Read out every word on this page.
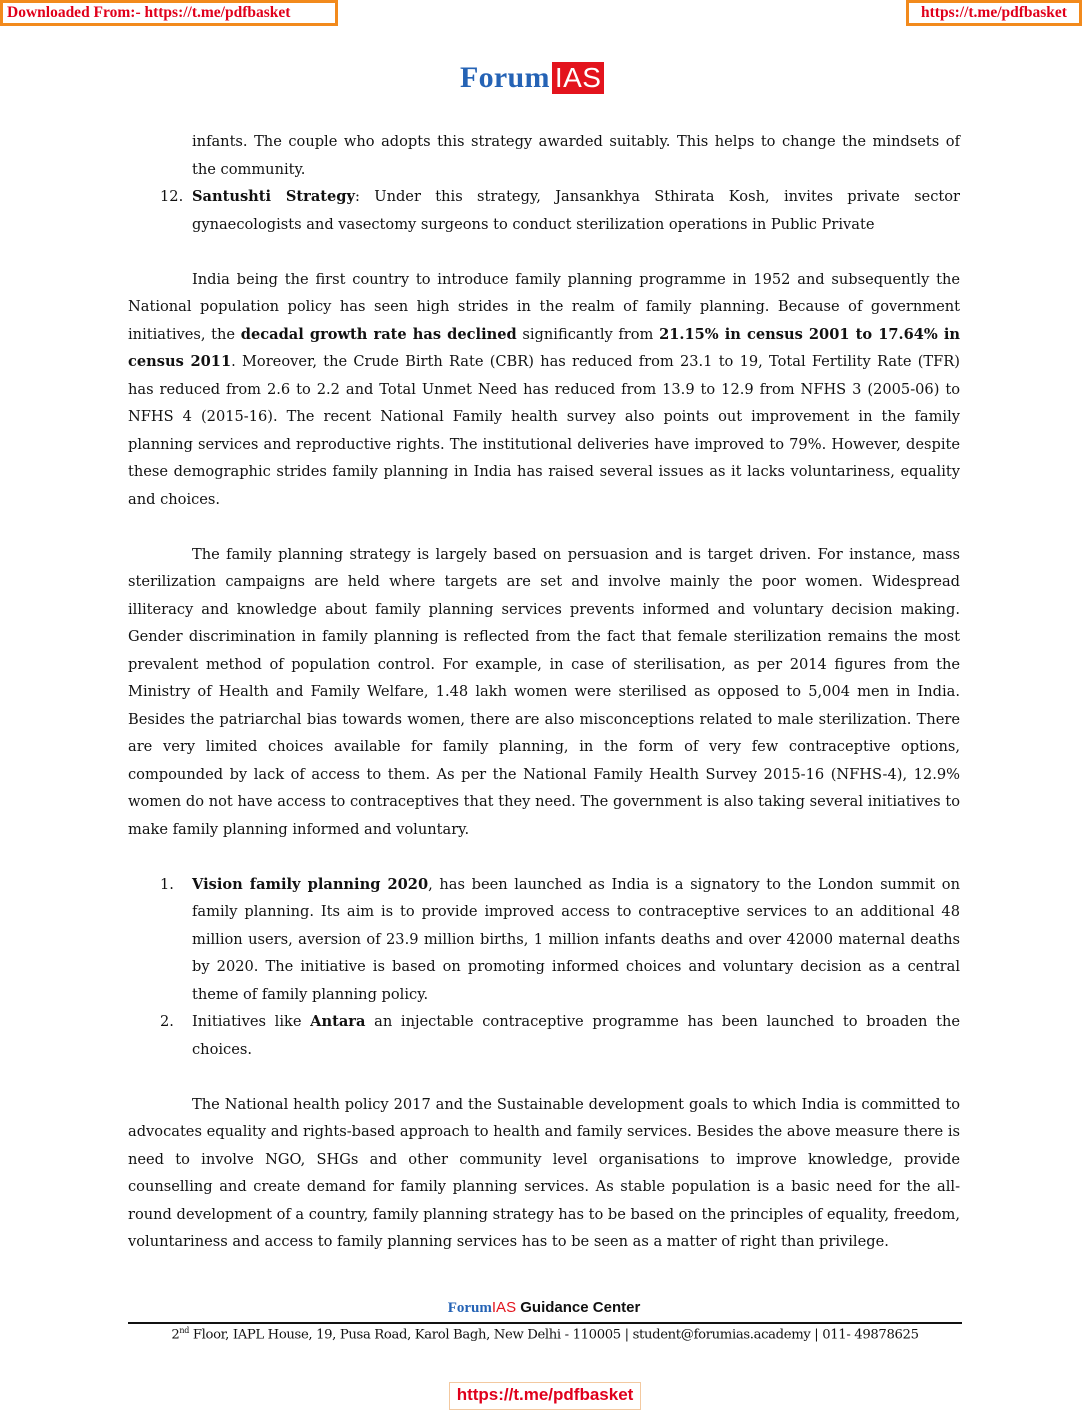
Downloaded From:- https://t.me/pdfbasket	https://t.me/pdfbasket
Forum IAS

infants. The couple who adopts this strategy awarded suitably. This helps to change the mindsets of the community.

12. Santushti Strategy: Under this strategy, Jansankhya Sthirata Kosh, invites private sector gynaecologists and vasectomy surgeons to conduct sterilization operations in Public Private

India being the first country to introduce family planning programme in 1952 and subsequently the National population policy has seen high strides in the realm of family planning. Because of government initiatives, the decadal growth rate has declined significantly from 21.15% in census 2001 to 17.64% in census 2011. Moreover, the Crude Birth Rate (CBR) has reduced from 23.1 to 19, Total Fertility Rate (TFR) has reduced from 2.6 to 2.2 and Total Unmet Need has reduced from 13.9 to 12.9 from NFHS 3 (2005-06) to NFHS 4 (2015-16). The recent National Family health survey also points out improvement in the family planning services and reproductive rights. The institutional deliveries have improved to 79%. However, despite these demographic strides family planning in India has raised several issues as it lacks voluntariness, equality and choices.

The family planning strategy is largely based on persuasion and is target driven. For instance, mass sterilization campaigns are held where targets are set and involve mainly the poor women. Widespread illiteracy and knowledge about family planning services prevents informed and voluntary decision making. Gender discrimination in family planning is reflected from the fact that female sterilization remains the most prevalent method of population control. For example, in case of sterilisation, as per 2014 figures from the Ministry of Health and Family Welfare, 1.48 lakh women were sterilised as opposed to 5,004 men in India. Besides the patriarchal bias towards women, there are also misconceptions related to male sterilization. There are very limited choices available for family planning, in the form of very few contraceptive options, compounded by lack of access to them. As per the National Family Health Survey 2015-16 (NFHS-4), 12.9% women do not have access to contraceptives that they need. The government is also taking several initiatives to make family planning informed and voluntary.

1.	Vision family planning 2020, has been launched as India is a signatory to the London summit on family planning. Its aim is to provide improved access to contraceptive services to an additional 48 million users, aversion of 23.9 million births, 1 million infants deaths and over 42000 maternal deaths by 2020. The initiative is based on promoting informed choices and voluntary decision as a central theme of family planning policy.
2.	Initiatives like Antara an injectable contraceptive programme has been launched to broaden the choices.

The National health policy 2017 and the Sustainable development goals to which India is committed to advocates equality and rights-based approach to health and family services. Besides the above measure there is need to involve NGO, SHGs and other community level organisations to improve knowledge, provide counselling and create demand for family planning services. As stable population is a basic need for the all-round development of a country, family planning strategy has to be based on the principles of equality, freedom, voluntariness and access to family planning services has to be seen as a matter of right than privilege.

ForumIAS Guidance Center
2nd Floor, IAPL House, 19, Pusa Road, Karol Bagh, New Delhi - 110005 | student@forumias.academy | 011- 49878625
https://t.me/pdfbasket
